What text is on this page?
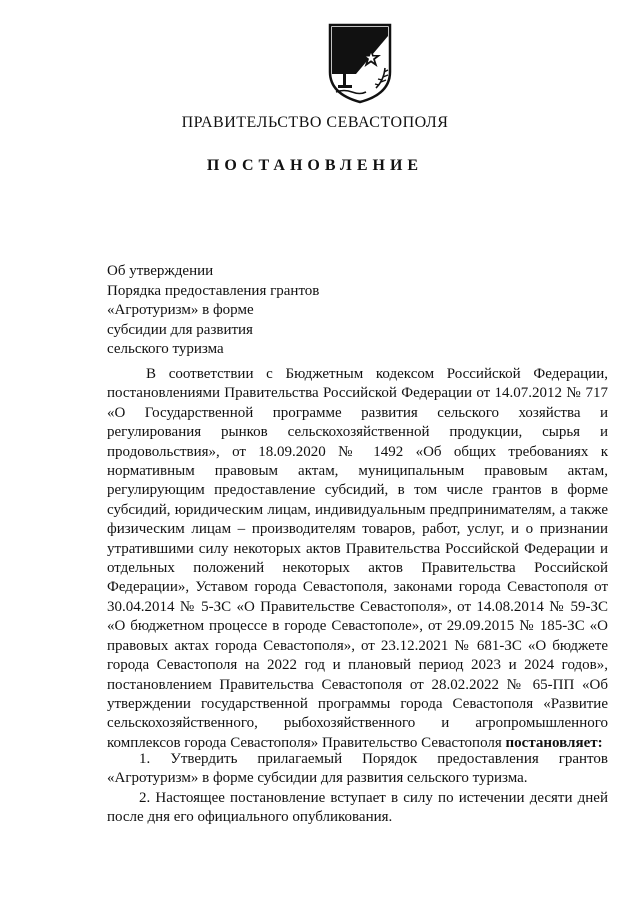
ПРАВИТЕЛЬСТВО СЕВАСТОПОЛЯ
ПОСТАНОВЛЕНИЕ
Об утверждении
Порядка предоставления грантов
«Агротуризм» в форме
субсидии для развития
сельского туризма

В соответствии с Бюджетным кодексом Российской Федерации, постановлениями Правительства Российской Федерации от 14.07.2012 № 717 «О Государственной программе развития сельского хозяйства и регулирования рынков сельскохозяйственной продукции, сырья и продовольствия», от 18.09.2020 № 1492 «Об общих требованиях к нормативным правовым актам, муниципальным правовым актам, регулирующим предоставление субсидий, в том числе грантов в форме субсидий, юридическим лицам, индивидуальным предпринимателям, а также физическим лицам – производителям товаров, работ, услуг, и о признании утратившими силу некоторых актов Правительства Российской Федерации и отдельных положений некоторых актов Правительства Российской Федерации», Уставом города Севастополя, законами города Севастополя от 30.04.2014 № 5-ЗС «О Правительстве Севастополя», от 14.08.2014 № 59-ЗС «О бюджетном процессе в городе Севастополе», от 29.09.2015 № 185-ЗС «О правовых актах города Севастополя», от 23.12.2021 № 681-ЗС «О бюджете города Севастополя на 2022 год и плановый период 2023 и 2024 годов», постановлением Правительства Севастополя от 28.02.2022 № 65-ПП «Об утверждении государственной программы города Севастополя «Развитие сельскохозяйственного, рыбохозяйственного и агропромышленного комплексов города Севастополя» Правительство Севастополя постановляет:

1. Утвердить прилагаемый Порядок предоставления грантов «Агротуризм» в форме субсидии для развития сельского туризма.

2. Настоящее постановление вступает в силу по истечении десяти дней после дня его официального опубликования.
